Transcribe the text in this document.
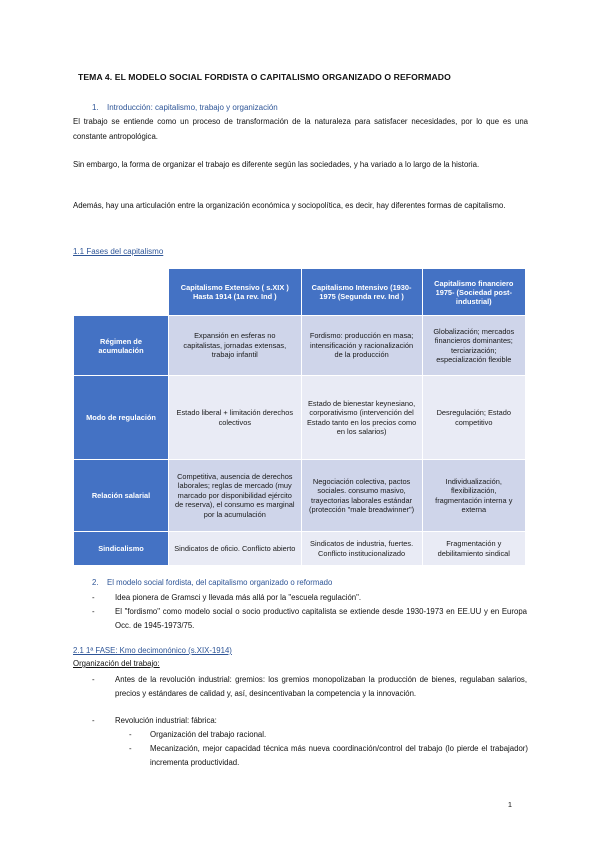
TEMA 4. EL MODELO SOCIAL FORDISTA O CAPITALISMO ORGANIZADO O REFORMADO
1. Introducción: capitalismo, trabajo y organización
El trabajo se entiende como un proceso de transformación de la naturaleza para satisfacer necesidades, por lo que es una constante antropológica.
Sin embargo, la forma de organizar el trabajo es diferente según las sociedades, y ha variado a lo largo de la historia.
Además, hay una articulación entre la organización económica y sociopolítica, es decir, hay diferentes formas de capitalismo.
1.1 Fases del capitalismo
	Capitalismo Extensivo ( s.XIX ) Hasta 1914 (1a rev. Ind )	Capitalismo Intensivo (1930-1975 (Segunda rev. Ind )	Capitalismo financiero 1975- (Sociedad post-industrial)
Régimen de acumulación	Expansión en esferas no capitalistas, jornadas extensas, trabajo infantil	Fordismo: producción en masa; intensificación y racionalización de la producción	Globalización; mercados financieros dominantes; terciarización; especialización flexible
Modo de regulación	Estado liberal + limitación derechos colectivos	Estado de bienestar keynesiano, corporativismo (intervención del Estado tanto en los precios como en los salarios)	Desregulación; Estado competitivo
Relación salarial	Competitiva, ausencia de derechos laborales; reglas de mercado (muy marcado por disponibilidad ejército de reserva), el consumo es marginal por la acumulación	Negociación colectiva, pactos sociales. consumo masivo, trayectorias laborales estándar (protección "male breadwinner")	Individualización, flexibilización, fragmentación interna y externa
Sindicalismo	Sindicatos de oficio. Conflicto abierto	Sindicatos de industria, fuertes. Conflicto institucionalizado	Fragmentación y debilitamiento sindical
2. El modelo social fordista, del capitalismo organizado o reformado
-	Idea pionera de Gramsci y llevada más allá por la "escuela regulación".
-	El "fordismo" como modelo social o socio productivo capitalista se extiende desde 1930-1973 en EE.UU y en Europa Occ. de 1945-1973/75.
2.1 1ª FASE: Kmo decimonónico (s.XIX-1914)
Organización del trabajo:
-	Antes de la revolución industrial: gremios: los gremios monopolizaban la producción de bienes, regulaban salarios, precios y estándares de calidad y, así, desincentivaban la competencia y la innovación.
-	Revolución industrial: fábrica:
- Organización del trabajo racional.
- Mecanización, mejor capacidad técnica más nueva coordinación/control del trabajo (lo pierde el trabajador) incrementa productividad.
1
